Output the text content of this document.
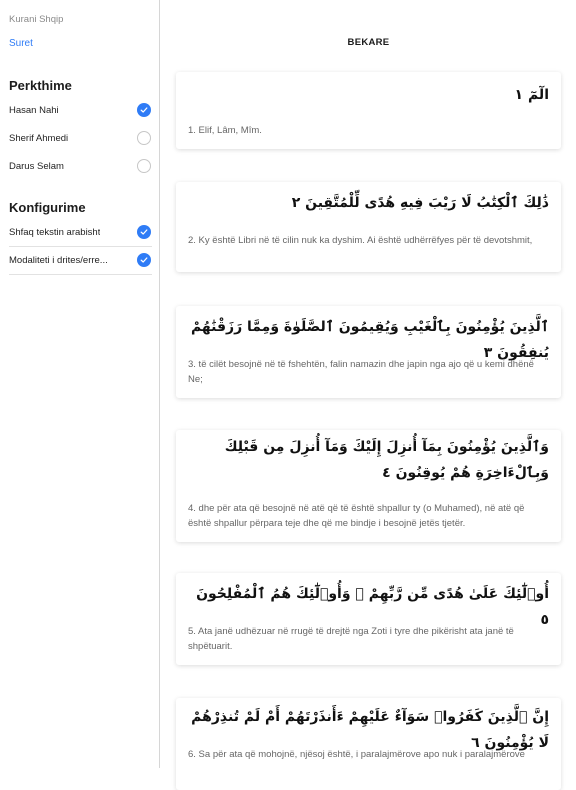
Kurani Shqip
Suret
Perkthime
Hasan Nahi
Sherif Ahmedi
Darus Selam
Konfigurime
Shfaq tekstin arabisht
Modaliteti i drites/erre...
BEKARE
الٓمٓ ١
1. Elif, Lâm, Mîm.
ذَٰلِكَ ٱلْكِتَٰبُ لَا رَيْبَ فِيهِ هُدًى لِّلْمُتَّقِينَ ٢
2. Ky është Libri në të cilin nuk ka dyshim. Ai është udhërrëfyes për të devotshmit,
ٱلَّذِينَ يُؤْمِنُونَ بِٱلْغَيْبِ وَيُقِيمُونَ ٱلصَّلَوٰةَ وَمِمَّا رَزَقْنَٰهُمْ يُنفِقُونَ ٣
3. të cilët besojnë në të fshehtën, falin namazin dhe japin nga ajo që u kemi dhënë Ne;
وَٱلَّذِينَ يُؤْمِنُونَ بِمَآ أُنزِلَ إِلَيْكَ وَمَآ أُنزِلَ مِن قَبْلِكَ وَبِٱلْءَاخِرَةِ هُمْ يُوقِنُونَ ٤
4. dhe për ata që besojnë në atë që të është shpallur ty (o Muhamed), në atë që është shpallur përpara teje dhe që me bindje i besojnë jetës tjetër.
أُو۟لَٰٓئِكَ عَلَىٰ هُدًى مِّن رَّبِّهِمْ ۖ وَأُو۟لَٰٓئِكَ هُمُ ٱلْمُفْلِحُونَ ٥
5. Ata janë udhëzuar në rrugë të drejtë nga Zoti i tyre dhe pikërisht ata janë të shpëtuarit.
إِنَّ ٱلَّذِينَ كَفَرُوا۟ سَوَآءٌ عَلَيْهِمْ ءَأَنذَرْتَهُمْ أَمْ لَمْ تُنذِرْهُمْ لَا يُؤْمِنُونَ ٦
6. Sa për ata që mohojnë, njësoj është, i paralajmërove apo nuk i paralajmërove
